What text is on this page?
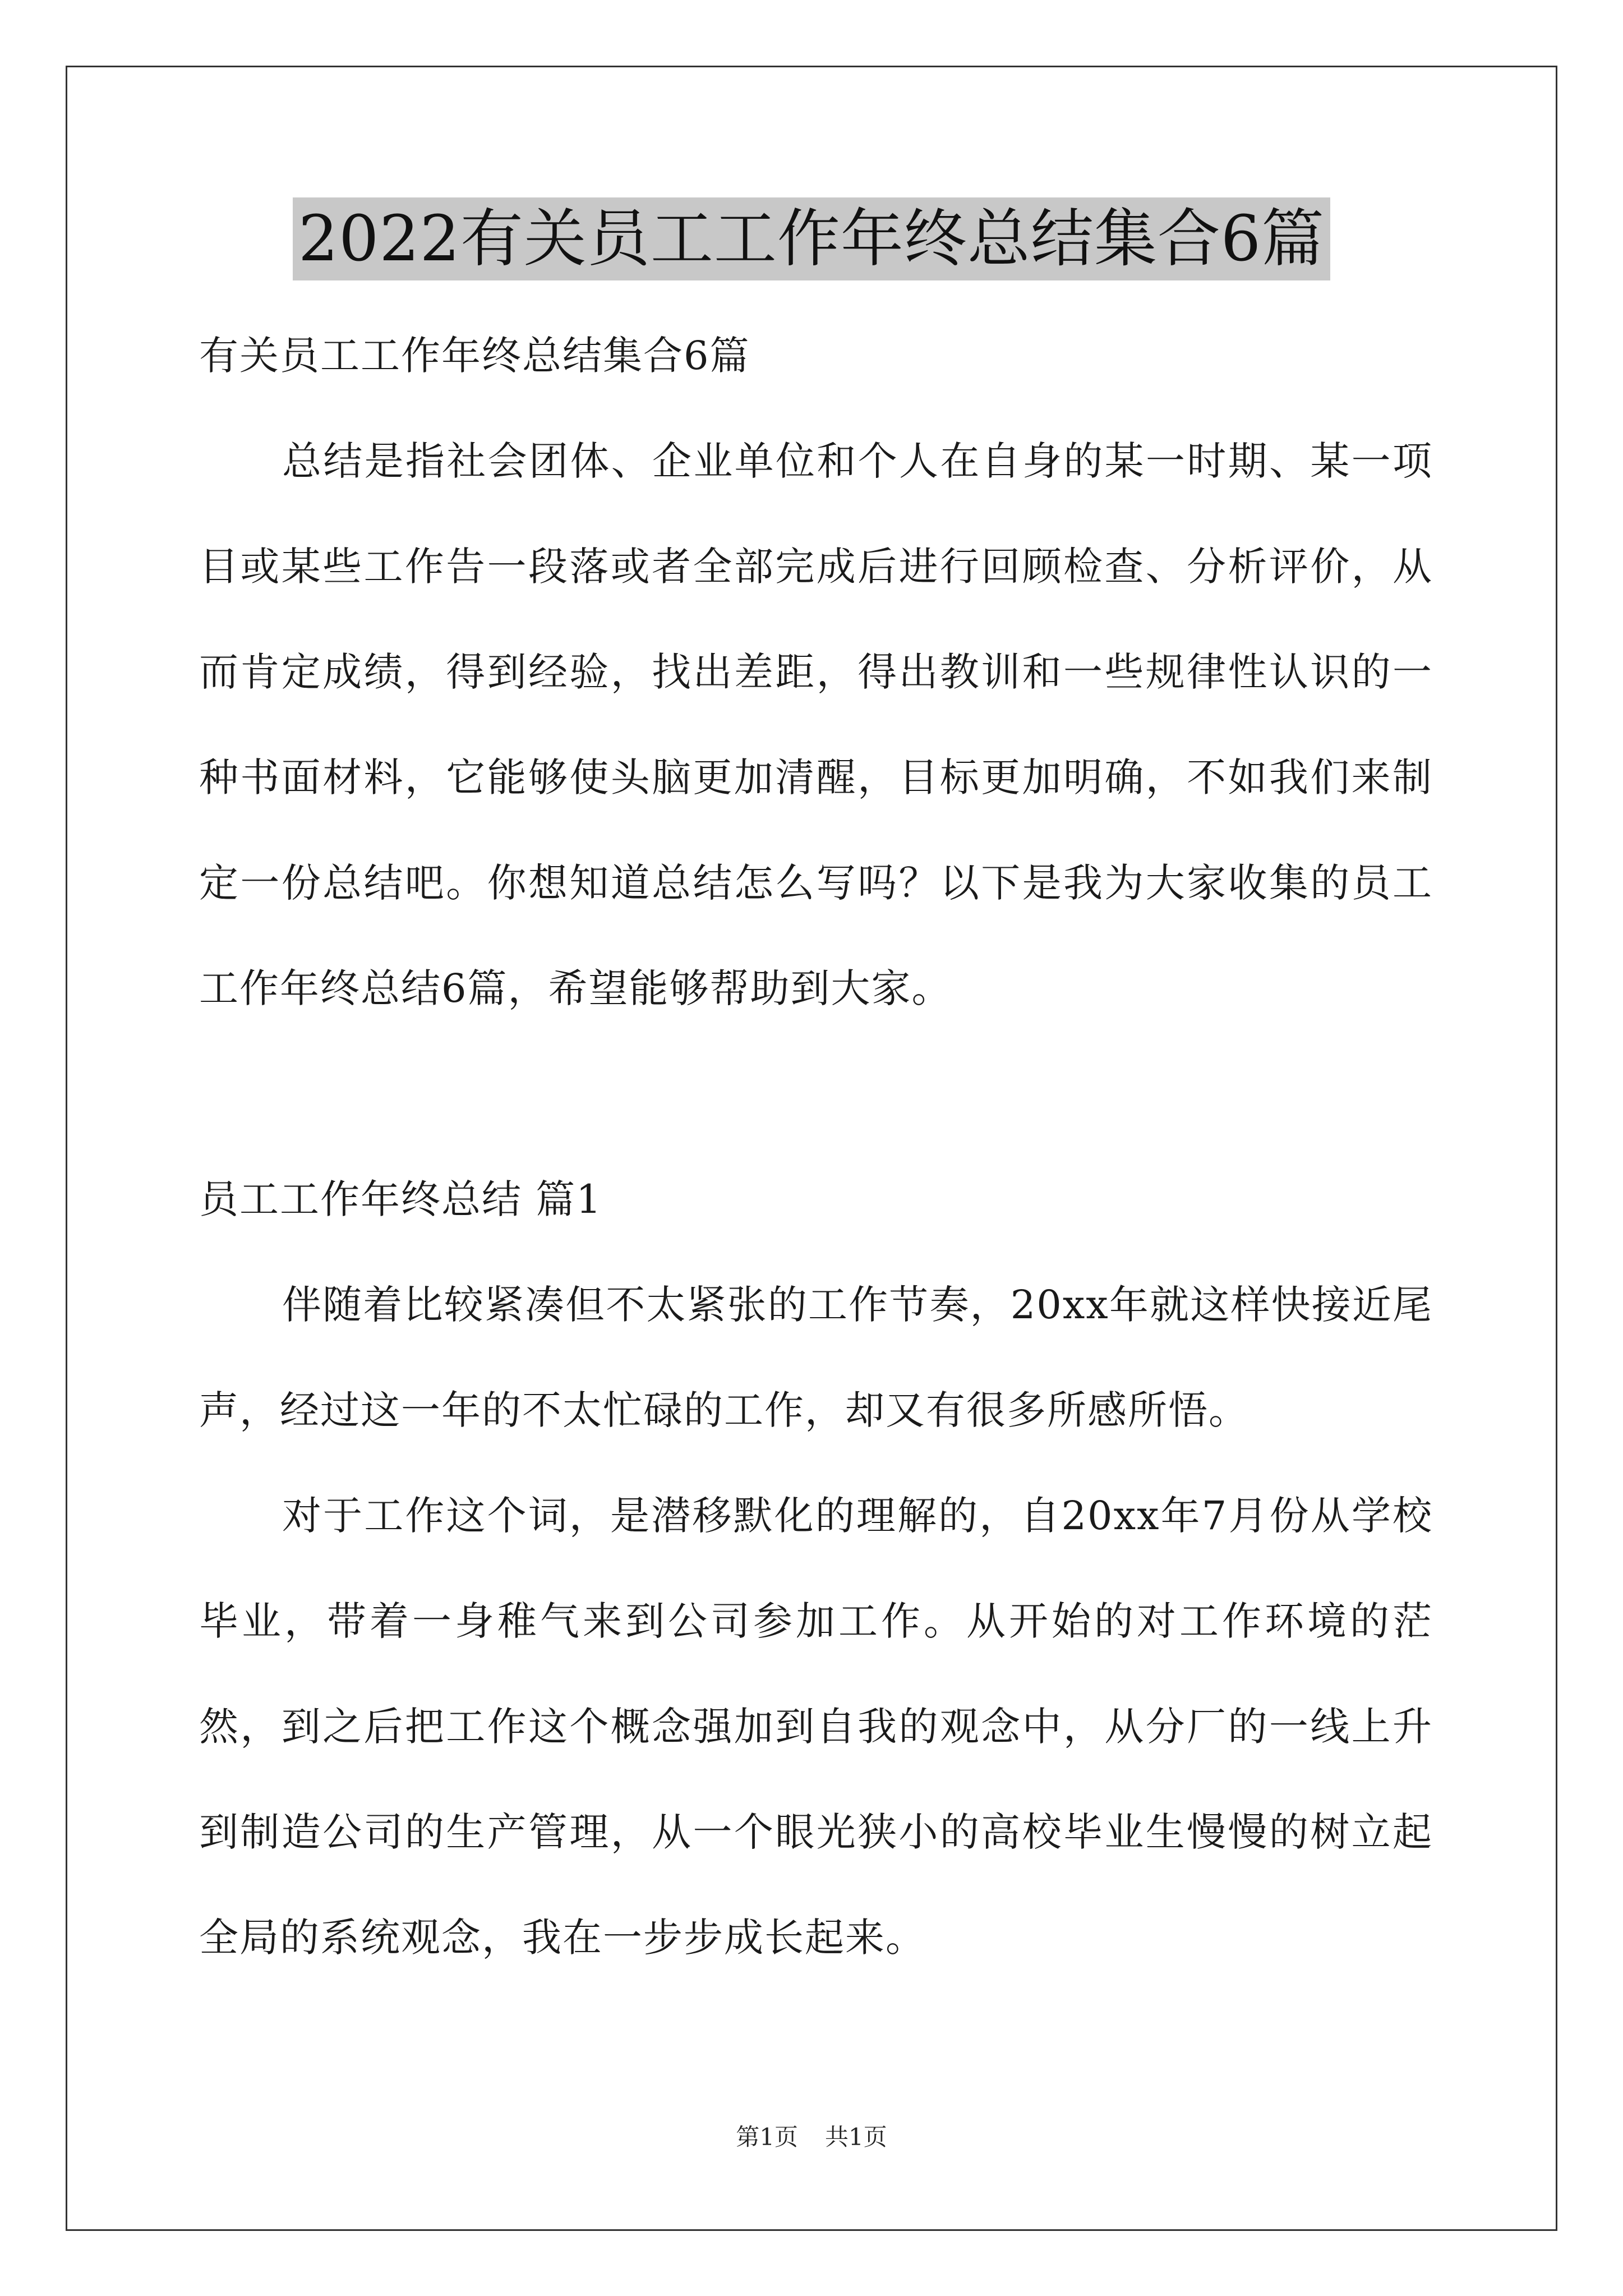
2022有关员工工作年终总结集合6篇

有关员工工作年终总结集合6篇

总结是指社会团体、企业单位和个人在自身的某一时期、某一项目或某些工作告一段落或者全部完成后进行回顾检查、分析评价，从而肯定成绩，得到经验，找出差距，得出教训和一些规律性认识的一种书面材料，它能够使头脑更加清醒，目标更加明确，不如我们来制定一份总结吧。你想知道总结怎么写吗？以下是我为大家收集的员工工作年终总结6篇，希望能够帮助到大家。

员工工作年终总结 篇1

伴随着比较紧凑但不太紧张的工作节奏，20xx年就这样快接近尾声，经过这一年的不太忙碌的工作，却又有很多所感所悟。

对于工作这个词，是潜移默化的理解的，自20xx年7月份从学校毕业，带着一身稚气来到公司参加工作。从开始的对工作环境的茫然，到之后把工作这个概念强加到自我的观念中，从分厂的一线上升到制造公司的生产管理，从一个眼光狭小的高校毕业生慢慢的树立起全局的系统观念，我在一步步成长起来。

第1页 共1页
